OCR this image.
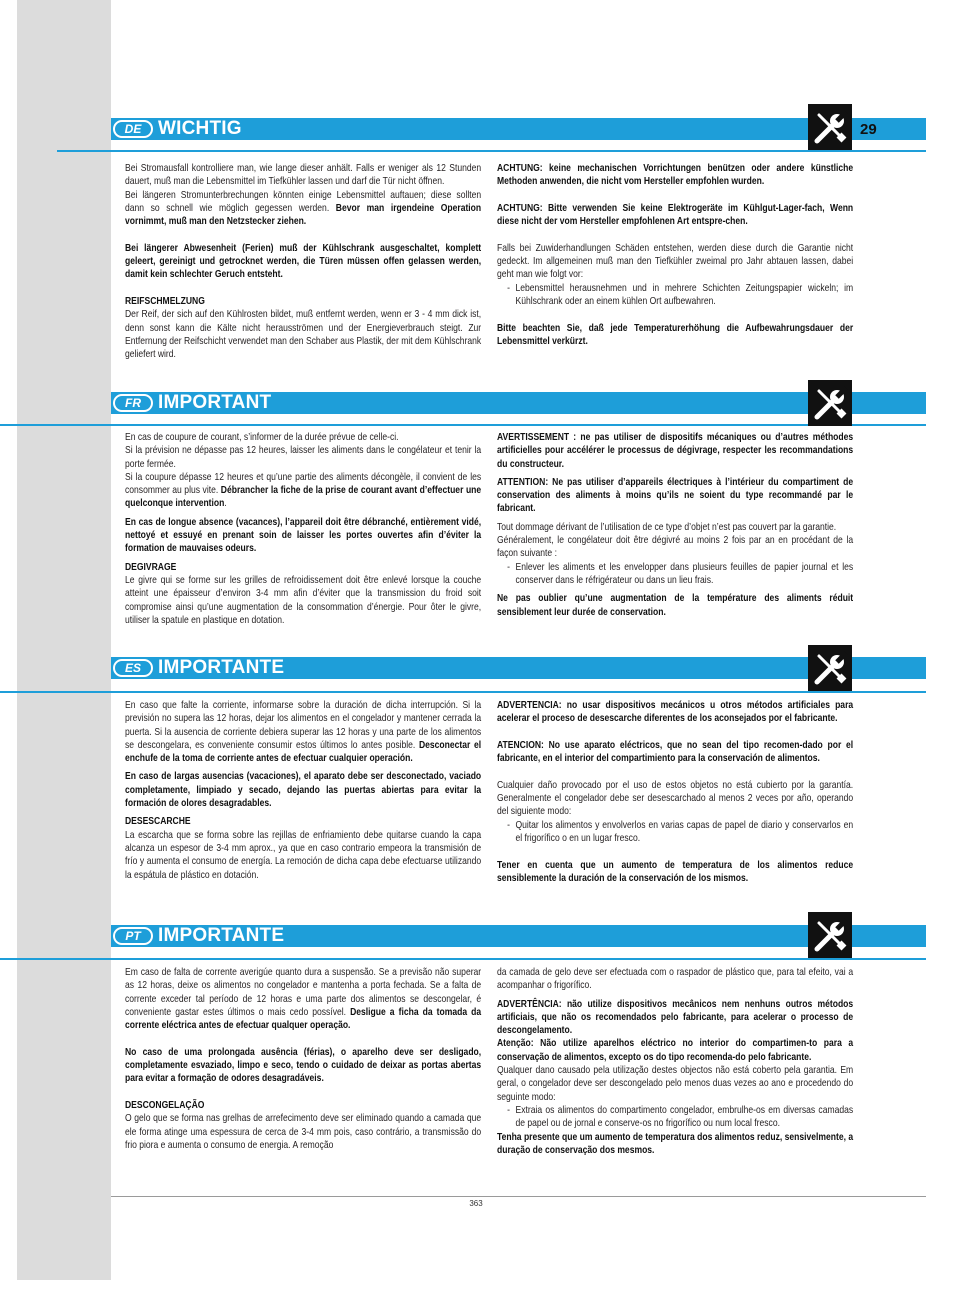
DE WICHTIG	29

Bei Stromausfall kontrolliere man, wie lange dieser anhält. Falls er weniger als 12 Stunden dauert, muß man die Lebensmittel im Tiefkühler lassen und darf die Tür nicht öffnen.

Bei längeren Stromunterbrechungen könnten einige Lebensmittel auftauen; diese sollten dann so schnell wie möglich gegessen werden. Bevor man irgendeine Operation vornimmt, muß man den Netzstecker ziehen.

Bei längerer Abwesenheit (Ferien) muß der Kühlschrank ausgeschaltet, komplett geleert, gereinigt und getrocknet werden, die Türen müssen offen gelassen werden, damit kein schlechter Geruch entsteht.

REIFSCHMELZUNG

Der Reif, der sich auf den Kühlrosten bildet, muß entfernt werden, wenn er 3 - 4 mm dick ist, denn sonst kann die Kälte nicht herausströmen und der Energieverbrauch steigt. Zur Entfernung der Reifschicht verwendet man den Schaber aus Plastik, der mit dem Kühlschrank geliefert wird.

ACHTUNG: keine mechanischen Vorrichtungen benützen oder andere künstliche Methoden anwenden, die nicht vom Hersteller empfohlen wurden.

ACHTUNG: Bitte verwenden Sie keine Elektrogeräte im Kühlgut-Lager-fach, Wenn diese nicht der vom Hersteller empfohlenen Art entspre-chen.

Falls bei Zuwiderhandlungen Schäden entstehen, werden diese durch die Garantie nicht gedeckt. Im allgemeinen muß man den Tiefkühler zweimal pro Jahr abtauen lassen, dabei geht man wie folgt vor:

- Lebensmittel herausnehmen und in mehrere Schichten Zeitungspapier wickeln; im Kühlschrank oder an einem kühlen Ort aufbewahren.

Bitte beachten Sie, daß jede Temperaturerhöhung die Aufbewahrungsdauer der Lebensmittel verkürzt.

FR IMPORTANT

En cas de coupure de courant, s’informer de la durée prévue de celle-ci.

Si la prévision ne dépasse pas 12 heures, laisser les aliments dans le congélateur et tenir la porte fermée.

Si la coupure dépasse 12 heures et qu’une partie des aliments décongèle, il convient de les consommer au plus vite. Débrancher la fiche de la prise de courant avant d’effectuer une quelconque intervention.

En cas de longue absence (vacances), l’appareil doit être débranché, entièrement vidé, nettoyé et essuyé en prenant soin de laisser les portes ouvertes afin d’éviter la formation de mauvaises odeurs.

DEGIVRAGE

Le givre qui se forme sur les grilles de refroidissement doit être enlevé lorsque la couche atteint une épaisseur d’environ 3-4 mm afin d’éviter que la transmission du froid soit compromise ainsi qu’une augmentation de la consommation d’énergie. Pour ôter le givre, utiliser la spatule en plastique en dotation.

AVERTISSEMENT : ne pas utiliser de dispositifs mécaniques ou d’autres méthodes artificielles pour accélérer le processus de dégivrage, respecter les recommandations du constructeur.

ATTENTION: Ne pas utiliser d’appareils électriques à l’intérieur du compartiment de conservation des aliments à moins qu’ils ne soient du type recommandé par le fabricant.

Tout dommage dérivant de l’utilisation de ce type d’objet n’est pas couvert par la garantie.

Généralement, le congélateur doit être dégivré au moins 2 fois par an en procédant de la façon suivante :

- Enlever les aliments et les envelopper dans plusieurs feuilles de papier journal et les conserver dans le réfrigérateur ou dans un lieu frais.

Ne pas oublier qu’une augmentation de la température des aliments réduit sensiblement leur durée de conservation.

ES IMPORTANTE

En caso que falte la corriente, informarse sobre la duración de dicha interrupción. Si la previsión no supera las 12 horas, dejar los alimentos en el congelador y mantener cerrada la puerta. Si la ausencia de corriente debiera superar las 12 horas y una parte de los alimentos se descongelara, es conveniente consumir estos últimos lo antes posible. Desconectar el enchufe de la toma de corriente antes de efectuar cualquier operación.

En caso de largas ausencias (vacaciones), el aparato debe ser desconectado, vaciado completamente, limpiado y secado, dejando las puertas abiertas para evitar la formación de olores desagradables.

DESESCARCHE

La escarcha que se forma sobre las rejillas de enfriamiento debe quitarse cuando la capa alcanza un espesor de 3-4 mm aprox., ya que en caso contrario empeora la transmisión de frío y aumenta el consumo de energía. La remoción de dicha capa debe efectuarse utilizando la espátula de plástico en dotación.

ADVERTENCIA: no usar dispositivos mecánicos u otros métodos artificiales para acelerar el proceso de desescarche diferentes de los aconsejados por el fabricante.

ATENCION: No use aparato eléctricos, que no sean del tipo recomen-dado por el fabricante, en el interior del compartimiento para la conservación de alimentos.

Cualquier daño provocado por el uso de estos objetos no está cubierto por la garantía. Generalmente el congelador debe ser desescarchado al menos 2 veces por año, operando del siguiente modo:

- Quitar los alimentos y envolverlos en varias capas de papel de diario y conservarlos en el frigorífico o en un lugar fresco.

Tener en cuenta que un aumento de temperatura de los alimentos reduce sensiblemente la duración de la conservación de los mismos.

PT IMPORTANTE

Em caso de falta de corrente averigúe quanto dura a suspensão. Se a previsão não superar as 12 horas, deixe os alimentos no congelador e mantenha a porta fechada. Se a falta de corrente exceder tal período de 12 horas e uma parte dos alimentos se descongelar, é conveniente gastar estes últimos o mais cedo possível. Desligue a ficha da tomada da corrente eléctrica antes de efectuar qualquer operação.

No caso de uma prolongada ausência (férias), o aparelho deve ser desligado, completamente esvaziado, limpo e seco, tendo o cuidado de deixar as portas abertas para evitar a formação de odores desagradáveis.

DESCONGELAÇÃO

O gelo que se forma nas grelhas de arrefecimento deve ser eliminado quando a camada que ele forma atinge uma espessura de cerca de 3-4 mm pois, caso contrário, a transmissão do frio piora e aumenta o consumo de energia. A remoção

da camada de gelo deve ser efectuada com o raspador de plástico que, para tal efeito, vai a acompanhar o frigorífico.

ADVERTÊNCIA: não utilize dispositivos mecânicos nem nenhuns outros métodos artificiais, que não os recomendados pelo fabricante, para acelerar o processo de descongelamento.

Atenção: Não utilize aparelhos eléctrico no interior do compartimen-to para a conservação de alimentos, excepto os do tipo recomenda-do pelo fabricante.

Qualquer dano causado pela utilização destes objectos não está coberto pela garantia. Em geral, o congelador deve ser descongelado pelo menos duas vezes ao ano e procedendo do seguinte modo:

- Extraia os alimentos do compartimento congelador, embrulhe-os em diversas camadas de papel ou de jornal e conserve-os no frigorífico ou num local fresco.

Tenha presente que um aumento de temperatura dos alimentos reduz, sensivelmente, a duração de conservação dos mesmos.

363
